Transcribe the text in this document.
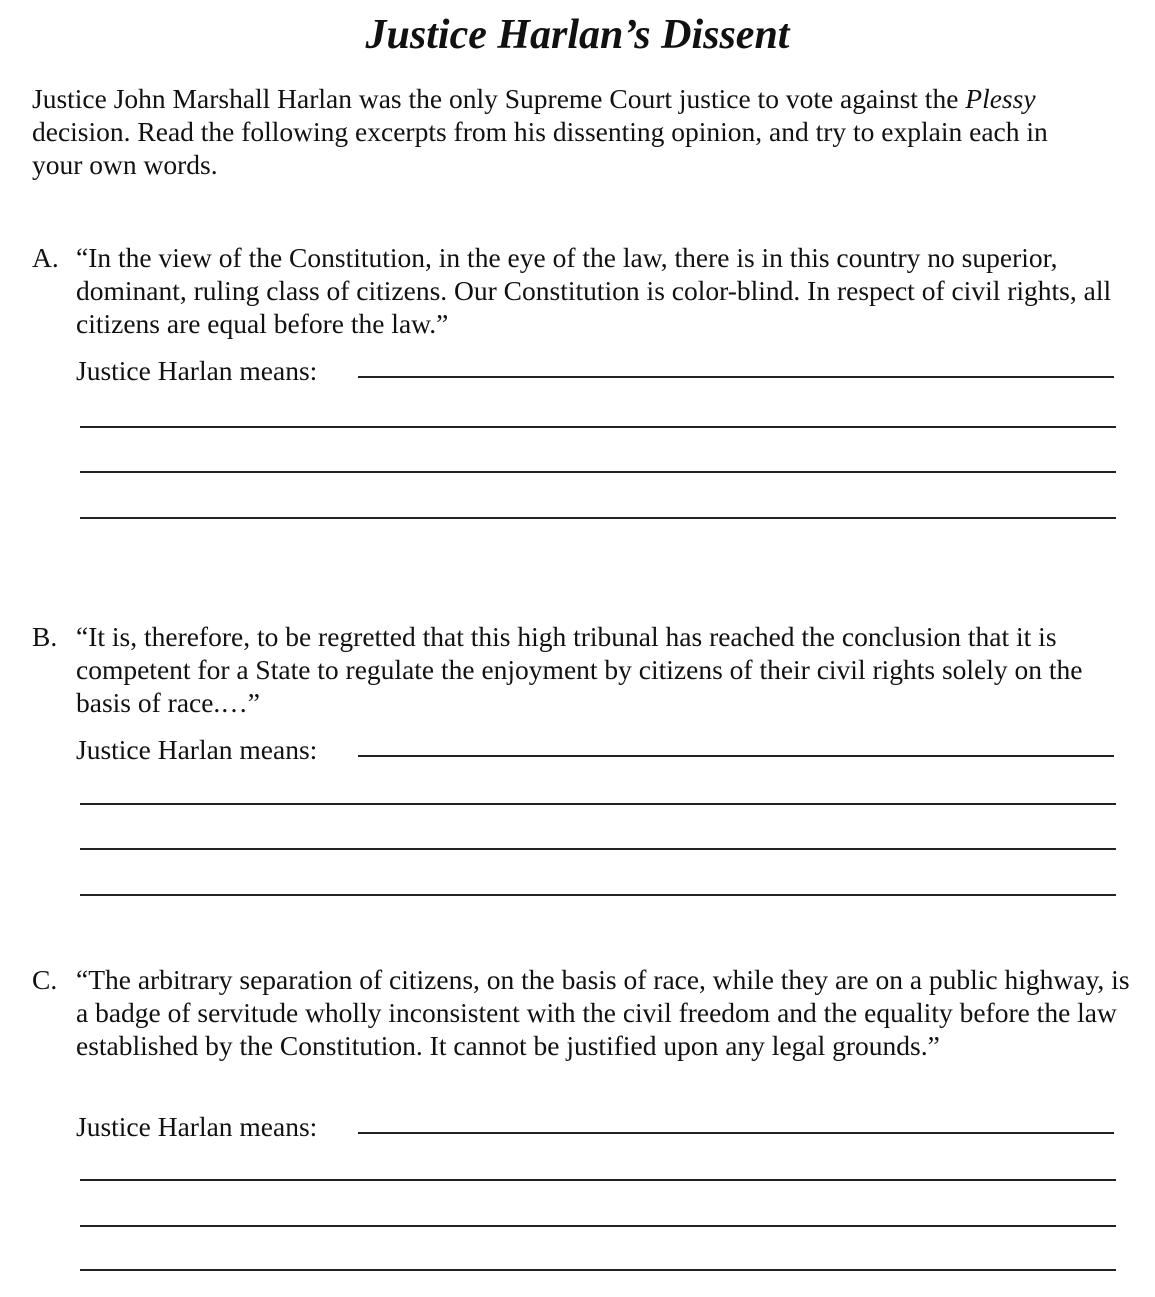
Justice Harlan’s Dissent
Justice John Marshall Harlan was the only Supreme Court justice to vote against the Plessy decision. Read the following excerpts from his dissenting opinion, and try to explain each in your own words.
A. “In the view of the Constitution, in the eye of the law, there is in this country no superior, dominant, ruling class of citizens. Our Constitution is color-blind. In respect of civil rights, all citizens are equal before the law.”
Justice Harlan means:
B. “It is, therefore, to be regretted that this high tribunal has reached the conclusion that it is competent for a State to regulate the enjoyment by citizens of their civil rights solely on the basis of race.…”
Justice Harlan means:
C. “The arbitrary separation of citizens, on the basis of race, while they are on a public highway, is a badge of servitude wholly inconsistent with the civil freedom and the equality before the law established by the Constitution. It cannot be justified upon any legal grounds.”
Justice Harlan means:
